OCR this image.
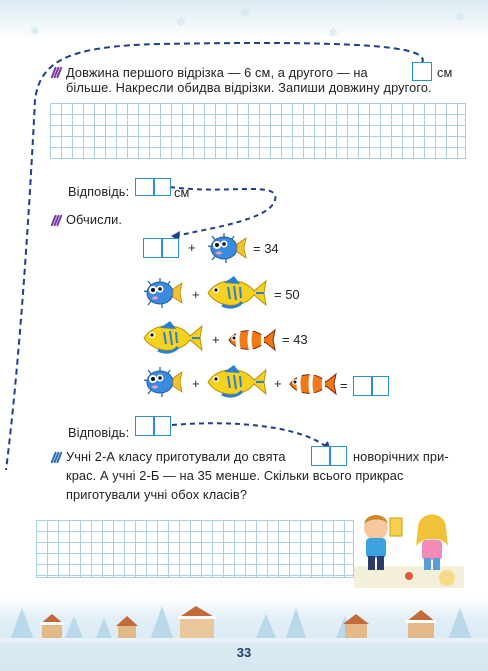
❄
❄
❄
❄
❄
Довжина першого відрізка — 6 см, а другого — на	см
більше. Накресли обидва відрізки. Запиши довжину другого.
Відповідь:	см
Обчисли.
+	= 34
+	= 50
+	= 43
+	+	=
Відповідь:
Учні 2-А класу приготували до свята	новорічних при-
крас. А учні 2-Б — на 35 менше. Скільки всього прикрас
приготували учні обох класів?
33
